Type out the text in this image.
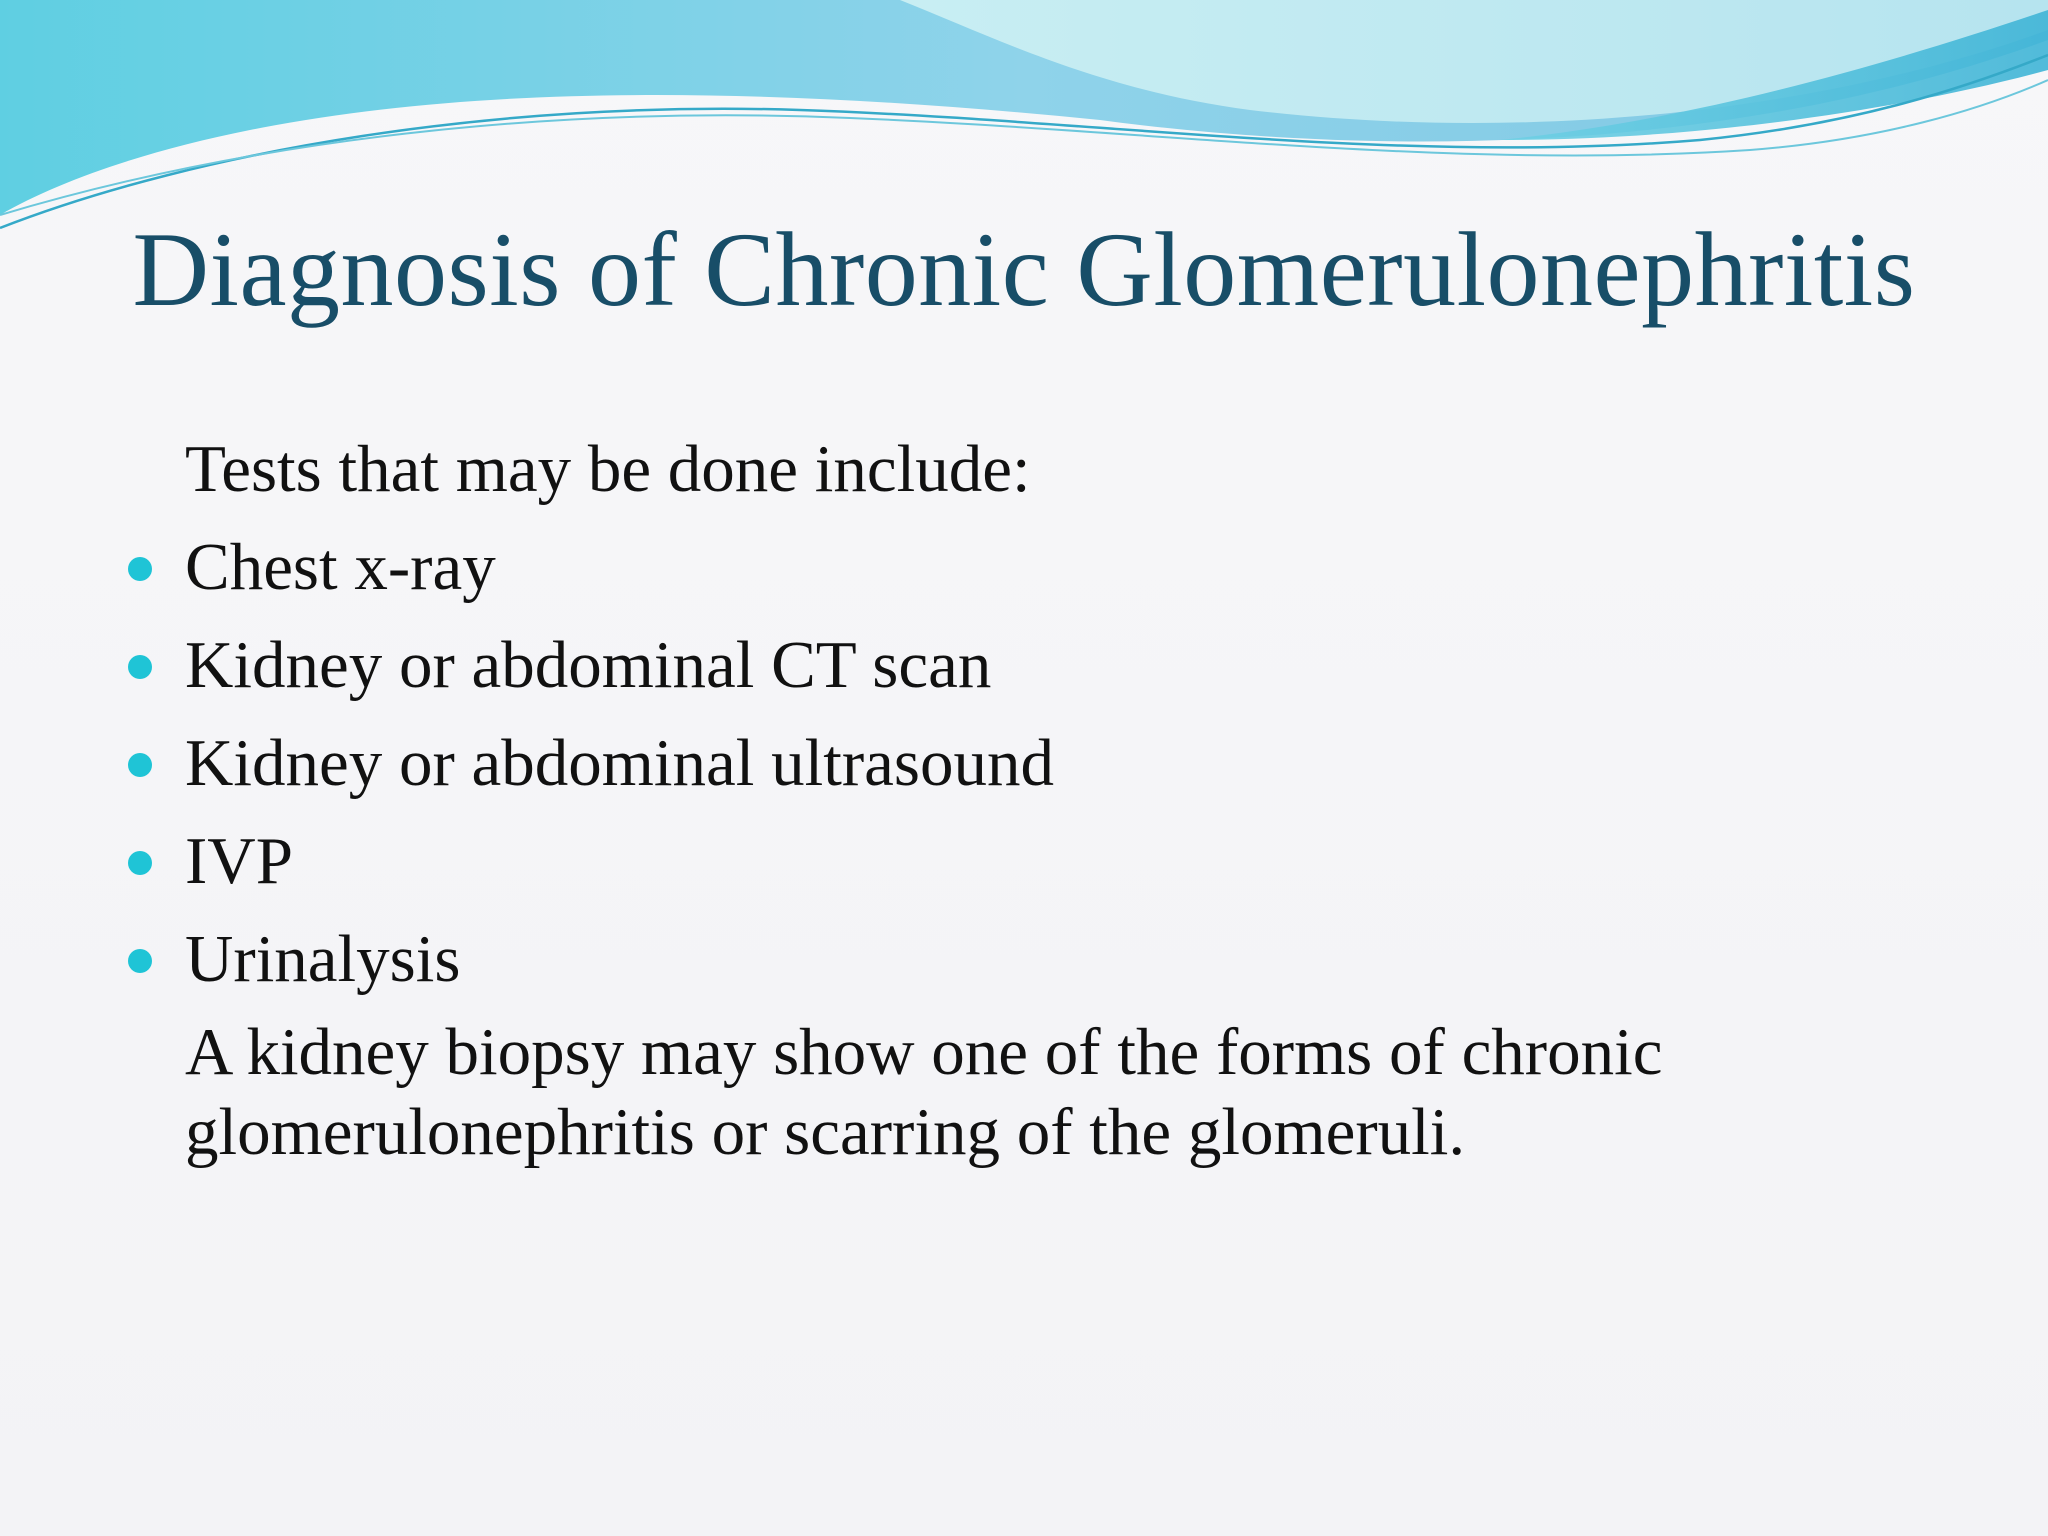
Diagnosis of Chronic Glomerulonephritis

Tests that may be done include:

Chest x-ray
Kidney or abdominal CT scan
Kidney or abdominal ultrasound
IVP
Urinalysis

A kidney biopsy may show one of the forms of chronic
glomerulonephritis or scarring of the glomeruli.
